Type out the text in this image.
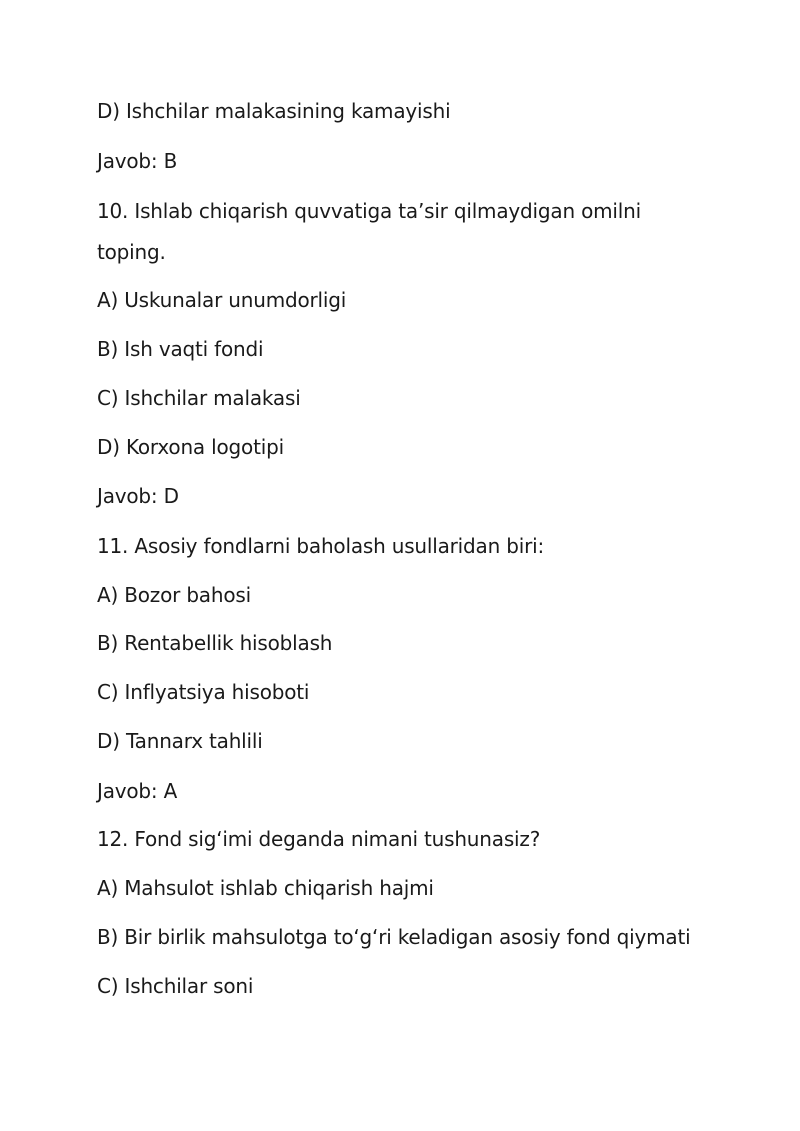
D) Ishchilar malakasining kamayishi
Javob: B
10. Ishlab chiqarish quvvatiga ta’sir qilmaydigan omilni
toping.
A) Uskunalar unumdorligi
B) Ish vaqti fondi
C) Ishchilar malakasi
D) Korxona logotipi
Javob: D
11. Asosiy fondlarni baholash usullaridan biri:
A) Bozor bahosi
B) Rentabellik hisoblash
C) Inflyatsiya hisoboti
D) Tannarx tahlili
Javob: A
12. Fond sig‘imi deganda nimani tushunasiz?
A) Mahsulot ishlab chiqarish hajmi
B) Bir birlik mahsulotga to‘g‘ri keladigan asosiy fond qiymati
C) Ishchilar soni
